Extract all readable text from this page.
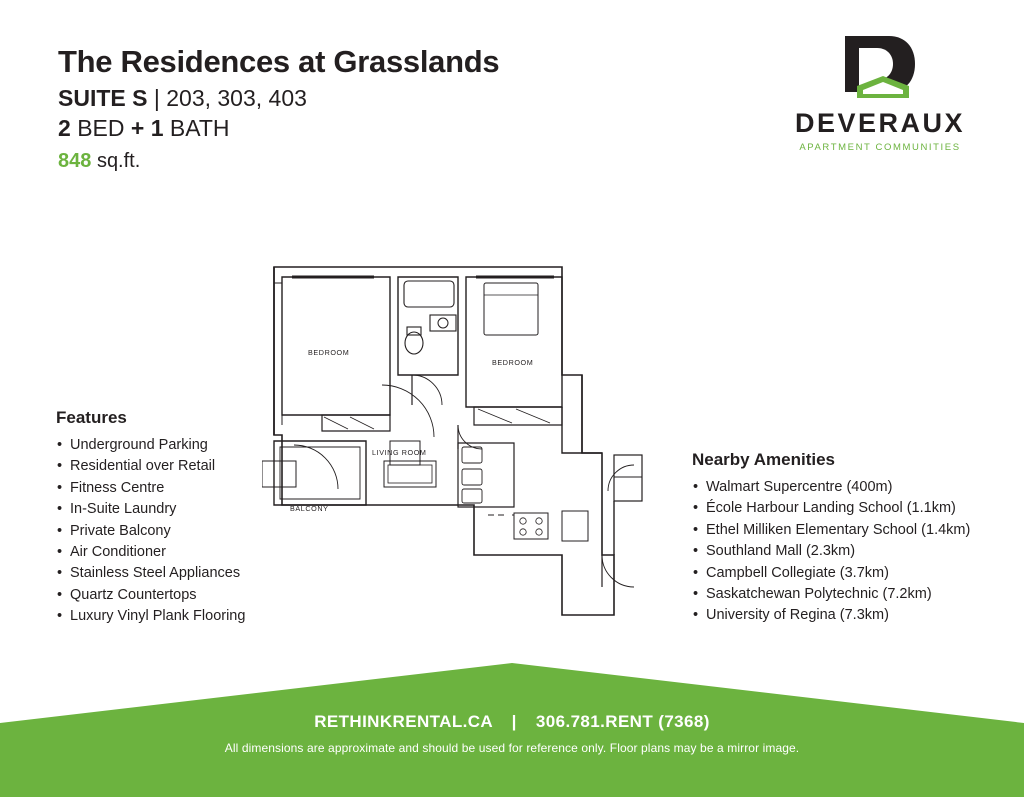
The Residences at Grasslands
SUITE S | 203, 303, 403
2 BED + 1 BATH
848 sq.ft.
DEVERAUX
APARTMENT COMMUNITIES
Features
• Underground Parking
• Residential over Retail
• Fitness Centre
• In-Suite Laundry
• Private Balcony
• Air Conditioner
• Stainless Steel Appliances
• Quartz Countertops
• Luxury Vinyl Plank Flooring
Nearby Amenities
• Walmart Supercentre (400m)
• École Harbour Landing School (1.1km)
• Ethel Milliken Elementary School (1.4km)
• Southland Mall (2.3km)
• Campbell Collegiate (3.7km)
• Saskatchewan Polytechnic (7.2km)
• University of Regina (7.3km)
BEDROOM
BEDROOM
LIVING ROOM
BALCONY
RETHINKRENTAL.CA | 306.781.RENT (7368)
All dimensions are approximate and should be used for reference only. Floor plans may be a mirror image.
